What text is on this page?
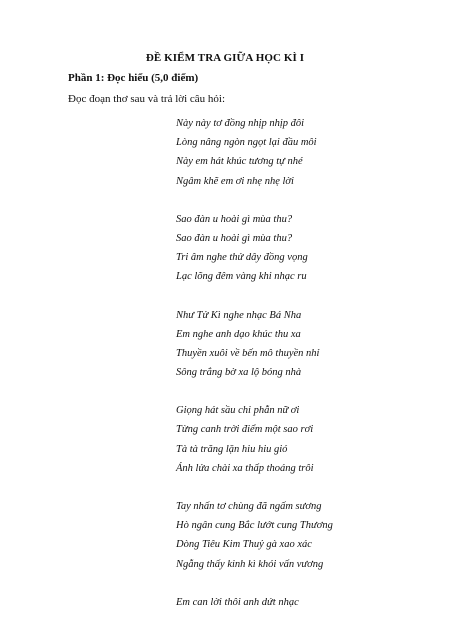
ĐỀ KIỂM TRA GIỮA HỌC KÌ I
Phần 1: Đọc hiểu (5,0 điểm)
Đọc đoạn thơ sau và trả lời câu hỏi:
Này này tơ đồng nhịp nhịp đôi
Lòng nâng ngòn ngọt lại đầu môi
Này em hát khúc tương tự nhé
Ngâm khẽ em ơi nhẹ nhẹ lời
Sao đàn u hoài gì mùa thu?
Sao đàn u hoài gì mùa thu?
Tri âm nghe thử dây đồng vọng
Lạc lõng đêm vàng khi nhạc ru
Như Tử Kì nghe nhạc Bá Nha
Em nghe anh dạo khúc thu xa
Thuyền xuôi về bến mô thuyền nhỉ
Sông trắng bờ xa lộ bóng nhà
Giọng hát sầu chi phẫn nữ ơi
Từng canh trời điểm một sao rơi
Tà tà trăng lặn hiu hiu gió
Ánh lửa chài xa thấp thoáng trôi
Tay nhấn tơ chùng đã ngấm sương
Hò ngân cung Bắc lướt cung Thương
Dòng Tiêu Kim Thuỷ gà xao xác
Ngẫng thấy kinh kì khói vấn vương
Em can lời thôi anh dứt nhạc
